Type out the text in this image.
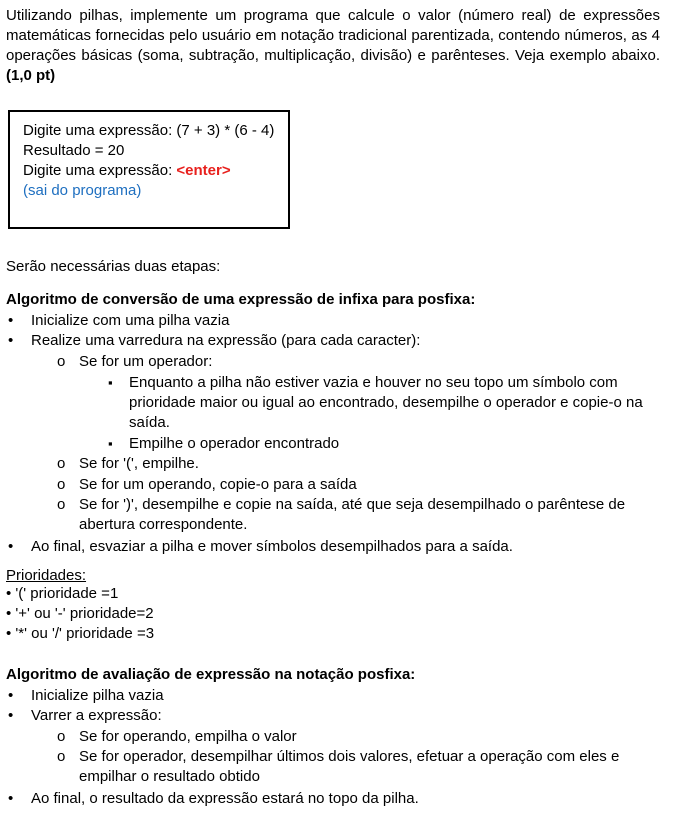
Utilizando pilhas, implemente um programa que calcule o valor (número real) de expressões matemáticas fornecidas pelo usuário em notação tradicional parentizada, contendo números, as 4 operações básicas (soma, subtração, multiplicação, divisão) e parênteses. Veja exemplo abaixo. (1,0 pt)
Digite uma expressão: (7 + 3) * (6 - 4)
Resultado = 20
Digite uma expressão: <enter>
(sai do programa)
Serão necessárias duas etapas:
Algoritmo de conversão de uma expressão de infixa para posfixa:
• Inicialize com uma pilha vazia
• Realize uma varredura na expressão (para cada caracter):
o Se for um operador:
▪ Enquanto a pilha não estiver vazia e houver no seu topo um símbolo com
prioridade maior ou igual ao encontrado, desempilhe o operador e copie-o na
saída.
▪ Empilhe o operador encontrado
o Se for '(', empilhe.
o Se for um operando, copie-o para a saída
o Se for ')', desempilhe e copie na saída, até que seja desempilhado o parêntese de
abertura correspondente.
• Ao final, esvaziar a pilha e mover símbolos desempilhados para a saída.
Prioridades:
• '(' prioridade =1
• '+' ou '-' prioridade=2
• '*' ou '/' prioridade =3
Algoritmo de avaliação de expressão na notação posfixa:
• Inicialize pilha vazia
• Varrer a expressão:
o Se for operando, empilha o valor
o Se for operador, desempilhar últimos dois valores, efetuar a operação com eles e
empilhar o resultado obtido
• Ao final, o resultado da expressão estará no topo da pilha.
